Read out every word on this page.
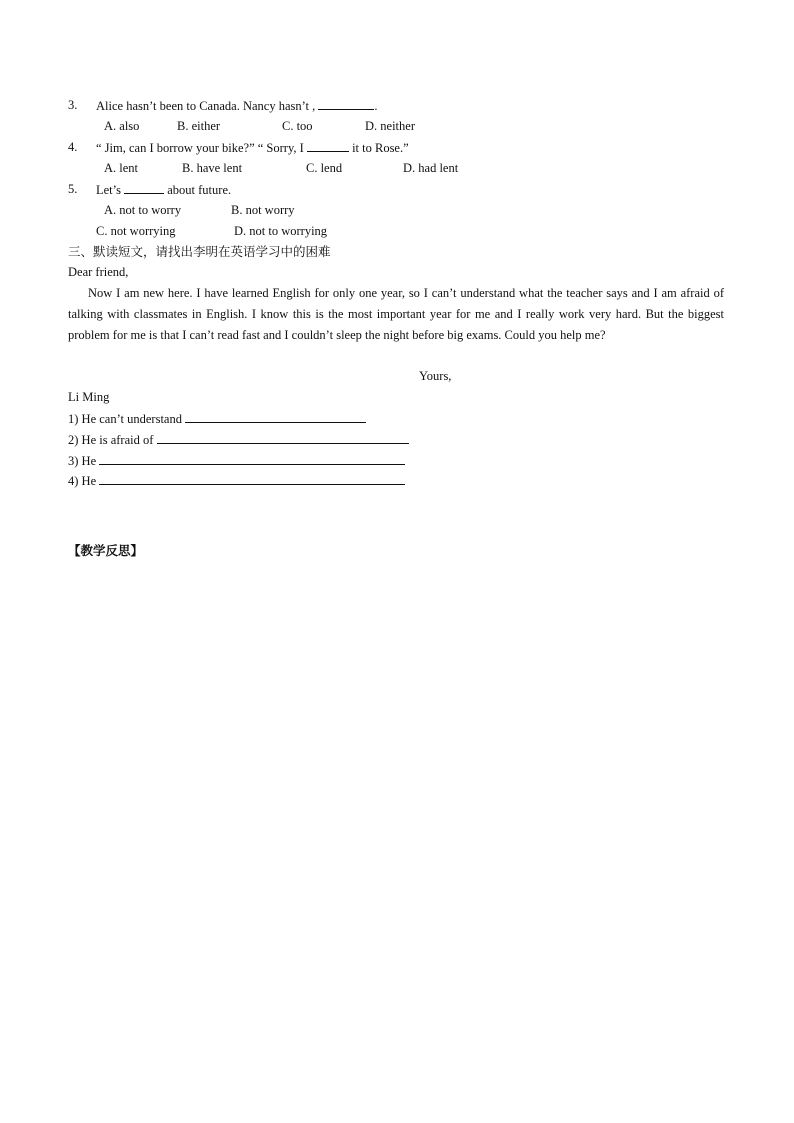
3. Alice hasn’t been to Canada. Nancy hasn’t ,	.
A. also	B. either	C. too	D. neither
4. “ Jim, can I borrow your bike?” “ Sorry, I	it to Rose.”
A. lent	B. have lent	C. lend	D. had lent
5. Let’s	about future.
A. not to worry	B. not worry
C. not worrying	D. not to worrying
三、默读短文，请找出李明在英语学习中的困难
Dear friend,
Now I am new here. I have learned English for only one year, so I can’t understand what the teacher says and I am afraid of talking with classmates in English. I know this is the most important year for me and I really work very hard. But the biggest problem for me is that I can’t read fast and I couldn’t sleep the night before big exams. Could you help me?
Yours,
Li Ming
1) He can’t understand
2) He is afraid of
3) He
4) He
【教学反思】
